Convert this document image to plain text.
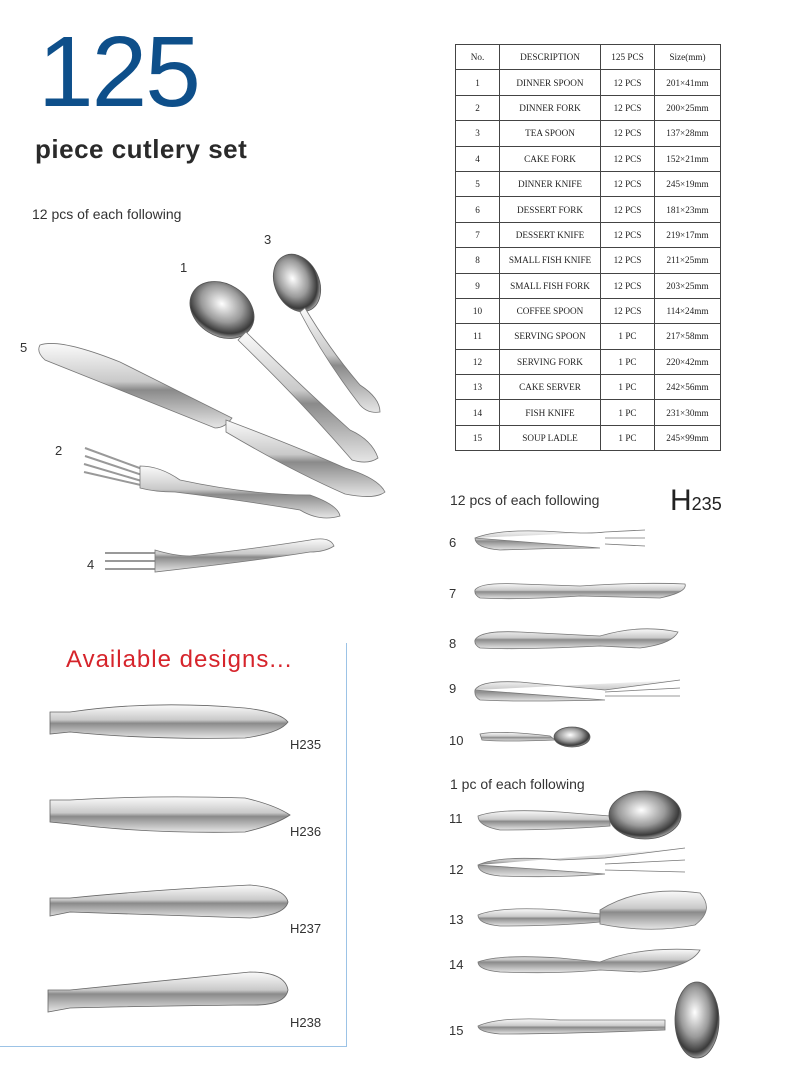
125
piece cutlery set
12 pcs of each following
No.	DESCRIPTION	125 PCS	Size(mm)
1	DINNER SPOON	12 PCS	201×41mm
2	DINNER FORK	12 PCS	200×25mm
3	TEA SPOON	12 PCS	137×28mm
4	CAKE FORK	12 PCS	152×21mm
5	DINNER KNIFE	12 PCS	245×19mm
6	DESSERT FORK	12 PCS	181×23mm
7	DESSERT KNIFE	12 PCS	219×17mm
8	SMALL FISH KNIFE	12 PCS	211×25mm
9	SMALL FISH FORK	12 PCS	203×25mm
10	COFFEE SPOON	12 PCS	114×24mm
11	SERVING SPOON	1 PC	217×58mm
12	SERVING FORK	1 PC	220×42mm
13	CAKE SERVER	1 PC	242×56mm
14	FISH KNIFE	1 PC	231×30mm
15	SOUP LADLE	1 PC	245×99mm
1
2
3
4
5
12 pcs of each following H235
6
7
8
9
10
1 pc of each following
11
12
13
14
15
Available designs...
H235
H236
H237
H238
